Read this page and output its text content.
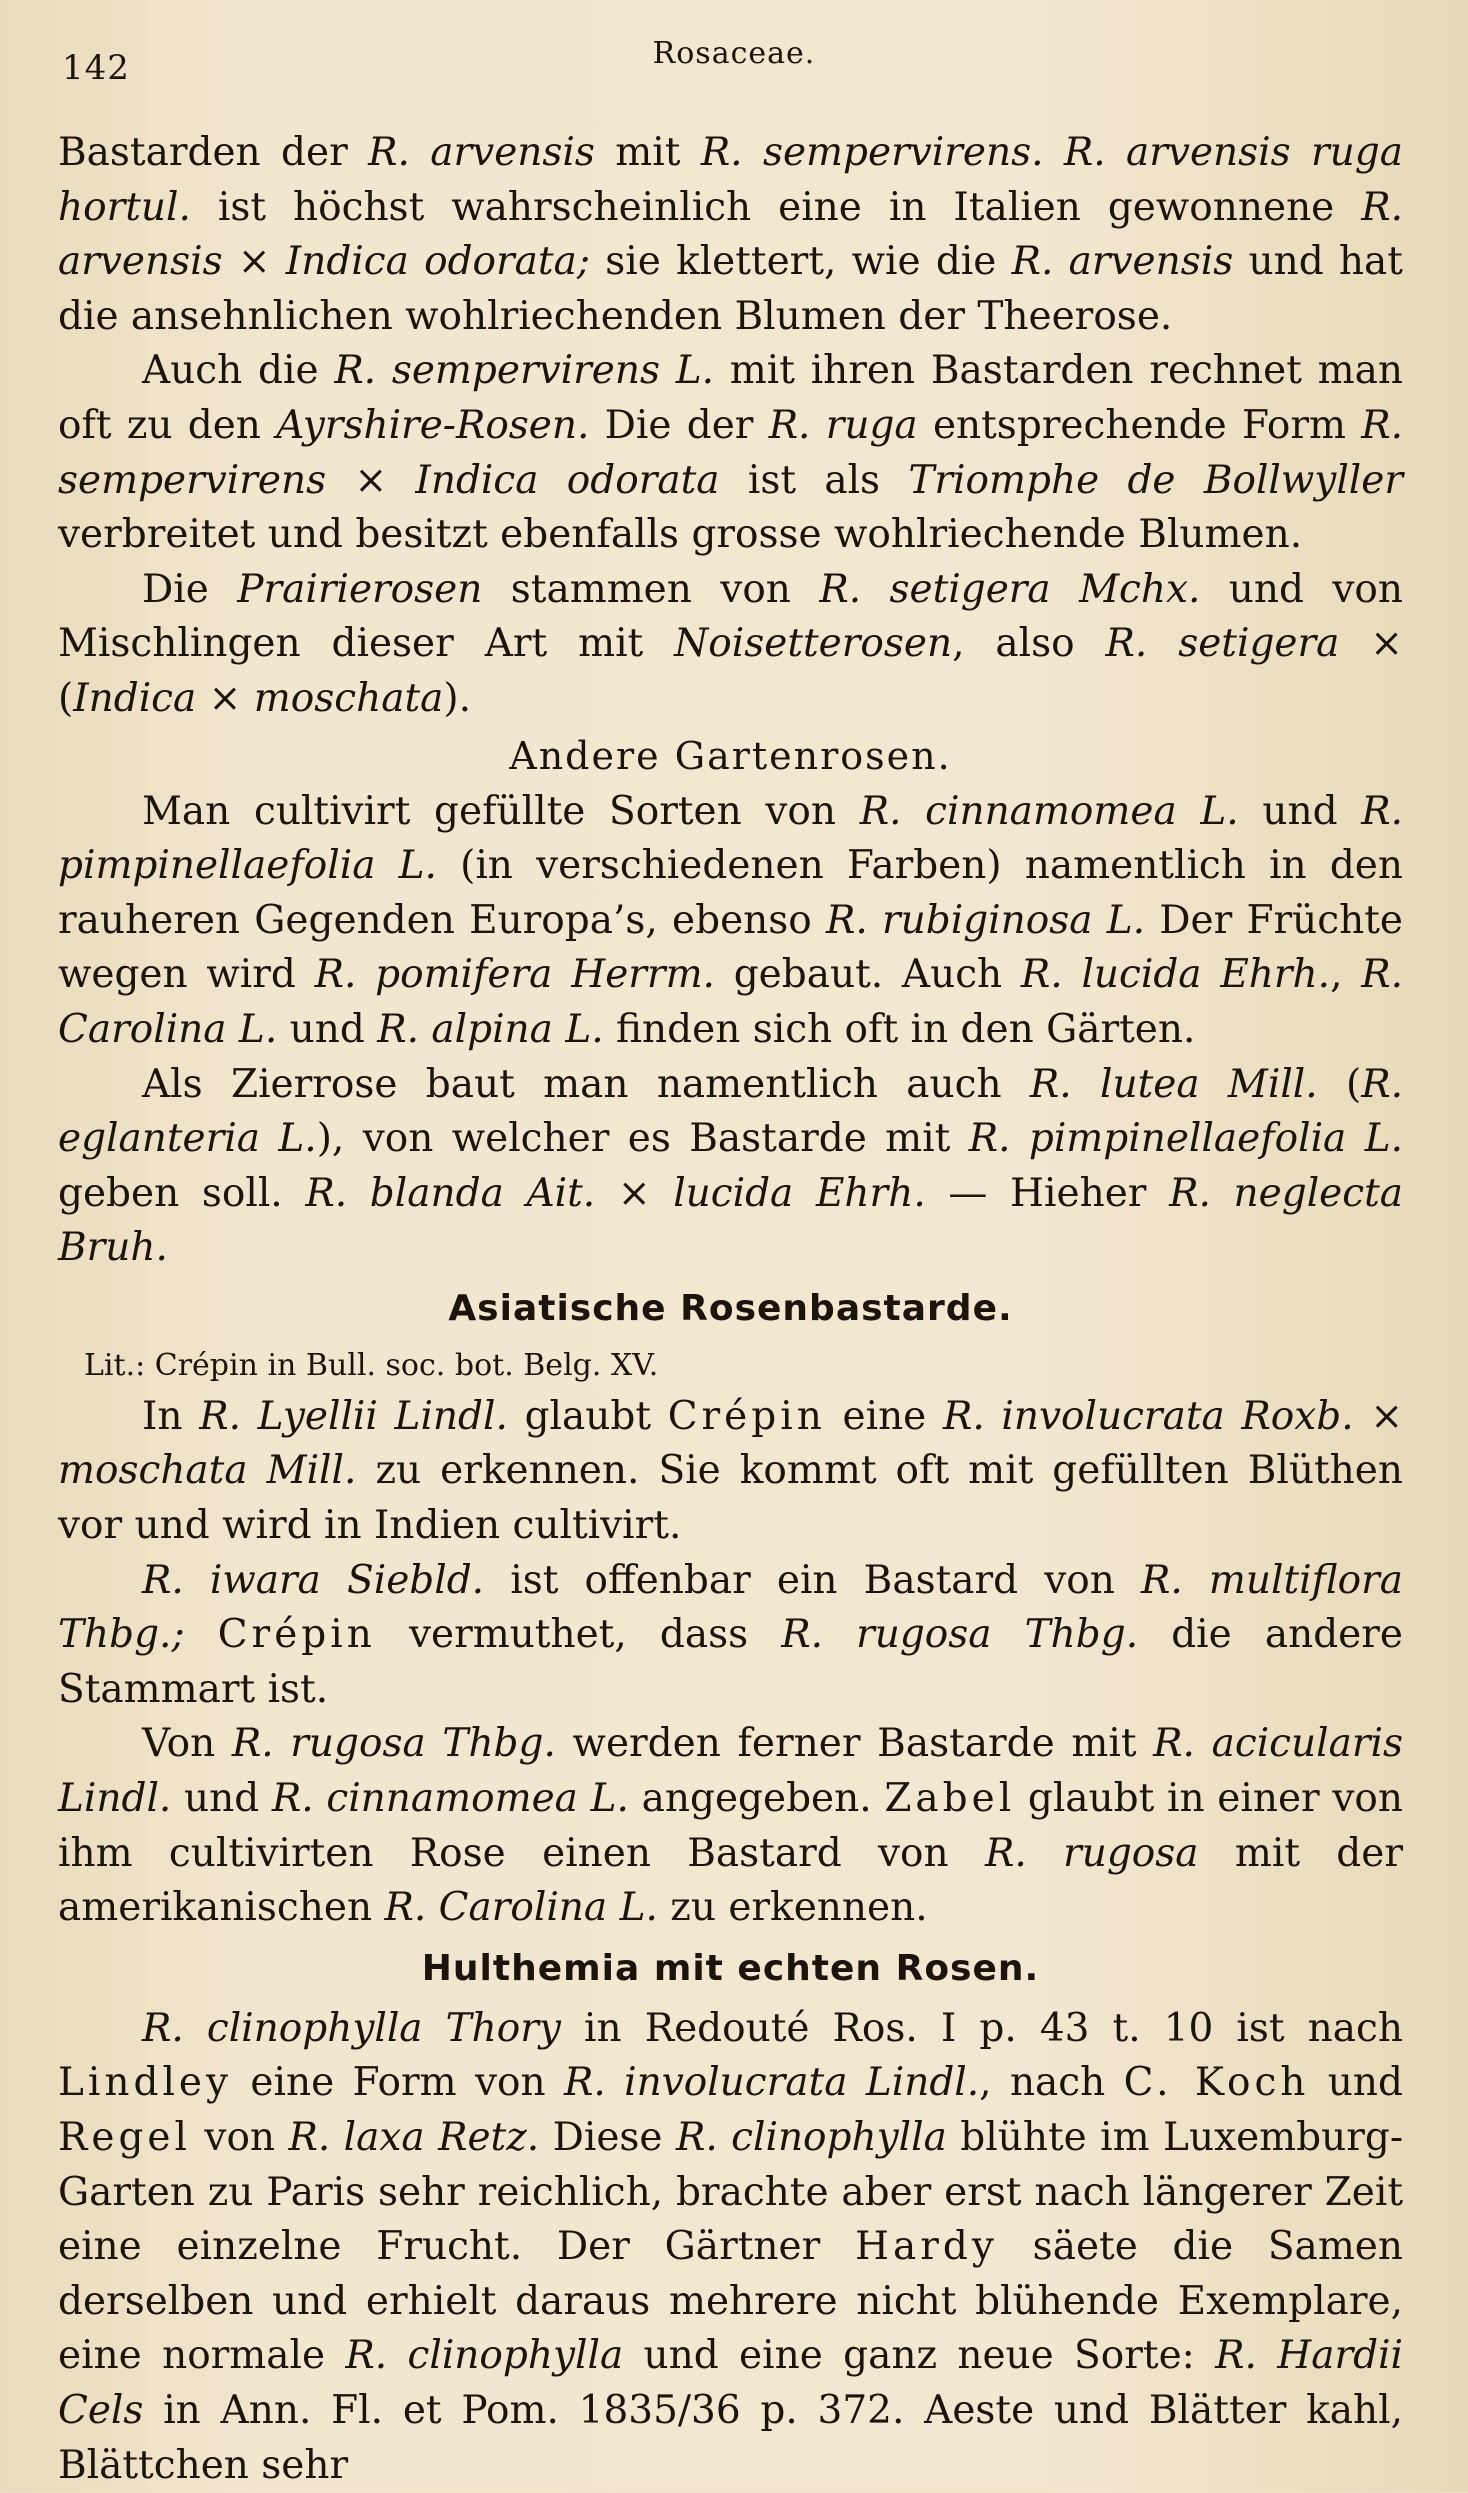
142	Rosaceae.

Bastarden der R. arvensis mit R. sempervirens. R. arvensis ruga hortul. ist höchst wahrscheinlich eine in Italien gewonnene R. arvensis × Indica odorata; sie klettert, wie die R. arvensis und hat die ansehnlichen wohlriechenden Blumen der Theerose.

Auch die R. sempervirens L. mit ihren Bastarden rechnet man oft zu den Ayrshire-Rosen. Die der R. ruga entsprechende Form R. sempervirens × Indica odorata ist als Triomphe de Bollwyller verbreitet und besitzt ebenfalls grosse wohlriechende Blumen.

Die Prairierosen stammen von R. setigera Mchx. und von Mischlingen dieser Art mit Noisetterosen, also R. setigera × (Indica × moschata).

Andere Gartenrosen.

Man cultivirt gefüllte Sorten von R. cinnamomea L. und R. pimpinellaefolia L. (in verschiedenen Farben) namentlich in den rauheren Gegenden Europa’s, ebenso R. rubiginosa L. Der Früchte wegen wird R. pomifera Herrm. gebaut. Auch R. lucida Ehrh., R. Carolina L. und R. alpina L. finden sich oft in den Gärten.

Als Zierrose baut man namentlich auch R. lutea Mill. (R. eglanteria L.), von welcher es Bastarde mit R. pimpinellaefolia L. geben soll. R. blanda Ait. × lucida Ehrh. — Hieher R. neglecta Bruh.

Asiatische Rosenbastarde.

Lit.: Crépin in Bull. soc. bot. Belg. XV.

In R. Lyellii Lindl. glaubt Crépin eine R. involucrata Roxb. × moschata Mill. zu erkennen. Sie kommt oft mit gefüllten Blüthen vor und wird in Indien cultivirt.

R. iwara Siebld. ist offenbar ein Bastard von R. multiflora Thbg.; Crépin vermuthet, dass R. rugosa Thbg. die andere Stammart ist.

Von R. rugosa Thbg. werden ferner Bastarde mit R. acicularis Lindl. und R. cinnamomea L. angegeben. Zabel glaubt in einer von ihm cultivirten Rose einen Bastard von R. rugosa mit der amerikanischen R. Carolina L. zu erkennen.

Hulthemia mit echten Rosen.

R. clinophylla Thory in Redouté Ros. I p. 43 t. 10 ist nach Lindley eine Form von R. involucrata Lindl., nach C. Koch und Regel von R. laxa Retz. Diese R. clinophylla blühte im Luxemburg-Garten zu Paris sehr reichlich, brachte aber erst nach längerer Zeit eine einzelne Frucht. Der Gärtner Hardy säete die Samen derselben und erhielt daraus mehrere nicht blühende Exemplare, eine normale R. clinophylla und eine ganz neue Sorte: R. Hardii Cels in Ann. Fl. et Pom. 1835/36 p. 372. Aeste und Blätter kahl, Blättchen sehr
